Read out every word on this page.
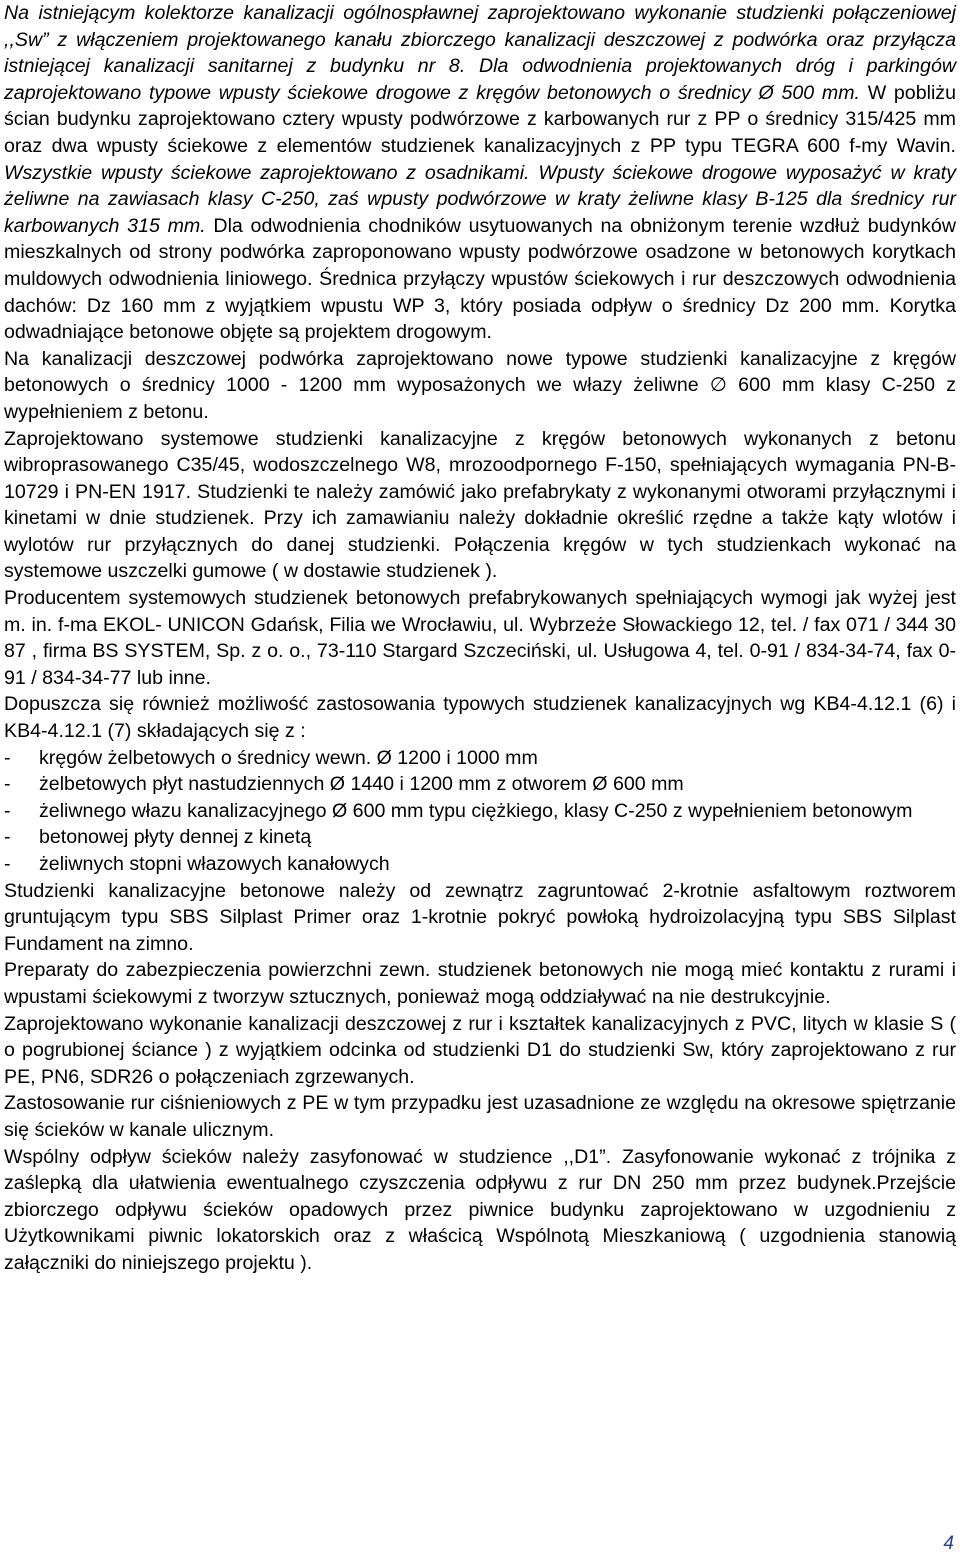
Na istniejącym kolektorze kanalizacji ogólnospławnej zaprojektowano wykonanie studzienki połączeniowej ,,Sw” z włączeniem projektowanego kanału zbiorczego kanalizacji deszczowej z podwórka oraz przyłącza istniejącej kanalizacji sanitarnej z budynku nr 8. Dla odwodnienia projektowanych dróg i parkingów zaprojektowano typowe wpusty ściekowe drogowe z kręgów betonowych o średnicy Ø 500 mm. W pobliżu ścian budynku zaprojektowano cztery wpusty podwórzowe z karbowanych rur z PP o średnicy 315/425 mm oraz dwa wpusty ściekowe z elementów studzienek kanalizacyjnych z PP typu TEGRA 600 f-my Wavin. Wszystkie wpusty ściekowe zaprojektowano z osadnikami. Wpusty ściekowe drogowe wyposażyć w kraty żeliwne na zawiasach klasy C-250, zaś wpusty podwórzowe w kraty żeliwne klasy B-125 dla średnicy rur karbowanych 315 mm. Dla odwodnienia chodników usytuowanych na obniżonym terenie wzdłuż budynków mieszkalnych od strony podwórka zaproponowano wpusty podwórzowe osadzone w betonowych korytkach muldowych odwodnienia liniowego. Średnica przyłączy wpustów ściekowych i rur deszczowych odwodnienia dachów: Dz 160 mm z wyjątkiem wpustu WP 3, który posiada odpływ o średnicy Dz 200 mm. Korytka odwadniające betonowe objęte są projektem drogowym.

Na kanalizacji deszczowej podwórka zaprojektowano nowe typowe studzienki kanalizacyjne z kręgów betonowych o średnicy 1000 - 1200 mm wyposażonych we włazy żeliwne ∅ 600 mm klasy C-250 z wypełnieniem z betonu.

Zaprojektowano systemowe studzienki kanalizacyjne z kręgów betonowych wykonanych z betonu wibroprasowanego C35/45, wodoszczelnego W8, mrozoodpornego F-150, spełniających wymagania PN-B-10729 i PN-EN 1917. Studzienki te należy zamówić jako prefabrykaty z wykonanymi otworami przyłącznymi i kinetami w dnie studzienek. Przy ich zamawianiu należy dokładnie określić rzędne a także kąty wlotów i wylotów rur przyłącznych do danej studzienki. Połączenia kręgów w tych studzienkach wykonać na systemowe uszczelki gumowe ( w dostawie studzienek ).

Producentem systemowych studzienek betonowych prefabrykowanych spełniających wymogi jak wyżej jest m. in. f-ma EKOL- UNICON Gdańsk, Filia we Wrocławiu, ul. Wybrzeże Słowackiego 12, tel. / fax 071 / 344 30 87 , firma BS SYSTEM, Sp. z o. o., 73-110 Stargard Szczeciński, ul. Usługowa 4, tel. 0-91 / 834-34-74, fax 0-91 / 834-34-77 lub inne.

Dopuszcza się również możliwość zastosowania typowych studzienek kanalizacyjnych wg KB4-4.12.1 (6) i KB4-4.12.1 (7) składających się z :

- kręgów żelbetowych o średnicy wewn. Ø 1200 i 1000 mm
- żelbetowych płyt nastudziennych Ø 1440 i 1200 mm z otworem Ø 600 mm
- żeliwnego włazu kanalizacyjnego Ø 600 mm typu ciężkiego, klasy C-250 z wypełnieniem betonowym
- betonowej płyty dennej z kinetą
- żeliwnych stopni włazowych kanałowych

Studzienki kanalizacyjne betonowe należy od zewnątrz zagruntować 2-krotnie asfaltowym roztworem gruntującym typu SBS Silplast Primer oraz 1-krotnie pokryć powłoką hydroizolacyjną typu SBS Silplast Fundament na zimno.

Preparaty do zabezpieczenia powierzchni zewn. studzienek betonowych nie mogą mieć kontaktu z rurami i wpustami ściekowymi z tworzyw sztucznych, ponieważ mogą oddziaływać na nie destrukcyjnie.

Zaprojektowano wykonanie kanalizacji deszczowej z rur i kształtek kanalizacyjnych z PVC, litych w klasie S ( o pogrubionej ściance ) z wyjątkiem odcinka od studzienki D1 do studzienki Sw, który zaprojektowano z rur PE, PN6, SDR26 o połączeniach zgrzewanych.

Zastosowanie rur ciśnieniowych z PE w tym przypadku jest uzasadnione ze względu na okresowe spiętrzanie się ścieków w kanale ulicznym.

Wspólny odpływ ścieków należy zasyfonować w studzience ,,D1”. Zasyfonowanie wykonać z trójnika z zaślepką dla ułatwienia ewentualnego czyszczenia odpływu z rur DN 250 mm przez budynek.Przejście zbiorczego odpływu ścieków opadowych przez piwnice budynku zaprojektowano w uzgodnieniu z Użytkownikami piwnic lokatorskich oraz z właścicą Wspólnotą Mieszkaniową ( uzgodnienia stanowią załączniki do niniejszego projektu ).

4
